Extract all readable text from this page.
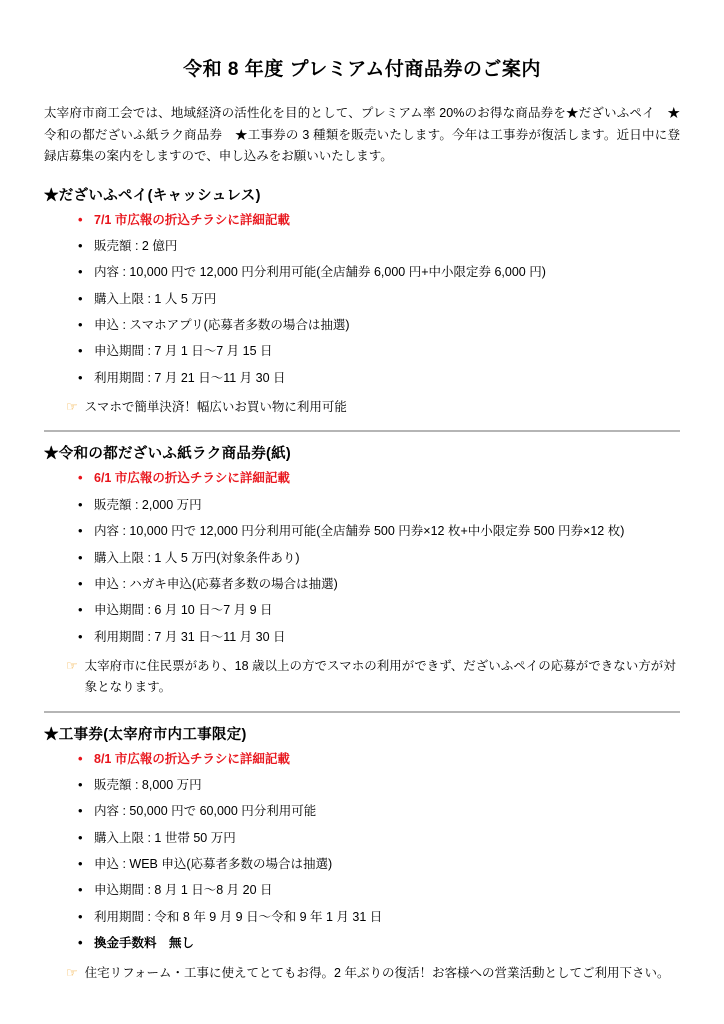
令和 8 年度 プレミアム付商品券のご案内

太宰府市商工会では、地域経済の活性化を目的として、プレミアム率 20%のお得な商品券を★だざいふペイ　★令和の都だざいふ紙ラク商品券　★工事券の 3 種類を販売いたします。今年は工事券が復活します。近日中に登録店募集の案内をしますので、申し込みをお願いいたします。

★だざいふペイ(キャッシュレス)
• 7/1 市広報の折込チラシに詳細記載
• 販売額 : 2 億円
• 内容 : 10,000 円で 12,000 円分利用可能(全店舗券 6,000 円+中小限定券 6,000 円)
• 購入上限 : 1 人 5 万円
• 申込 : スマホアプリ(応募者多数の場合は抽選)
• 申込期間 : 7 月 1 日〜7 月 15 日
• 利用期間 : 7 月 21 日〜11 月 30 日
☞ スマホで簡単決済！幅広いお買い物に利用可能
★令和の都だざいふ紙ラク商品券(紙)
• 6/1 市広報の折込チラシに詳細記載
• 販売額 : 2,000 万円
• 内容 : 10,000 円で 12,000 円分利用可能(全店舗券 500 円券×12 枚+中小限定券 500 円券×12 枚)
• 購入上限 : 1 人 5 万円(対象条件あり)
• 申込 : ハガキ申込(応募者多数の場合は抽選)
• 申込期間 : 6 月 10 日〜7 月 9 日
• 利用期間 : 7 月 31 日〜11 月 30 日
☞ 太宰府市に住民票があり、18 歳以上の方でスマホの利用ができず、だざいふペイの応募ができない方が対象となります。
★工事券(太宰府市内工事限定)
• 8/1 市広報の折込チラシに詳細記載
• 販売額 : 8,000 万円
• 内容 : 50,000 円で 60,000 円分利用可能
• 購入上限 : 1 世帯 50 万円
• 申込 : WEB 申込(応募者多数の場合は抽選)
• 申込期間 : 8 月 1 日〜8 月 20 日
• 利用期間 : 令和 8 年 9 月 9 日〜令和 9 年 1 月 31 日
• 換金手数料　無し
☞ 住宅リフォーム・工事に使えてとてもお得。2 年ぶりの復活！お客様への営業活動としてご利用下さい。
